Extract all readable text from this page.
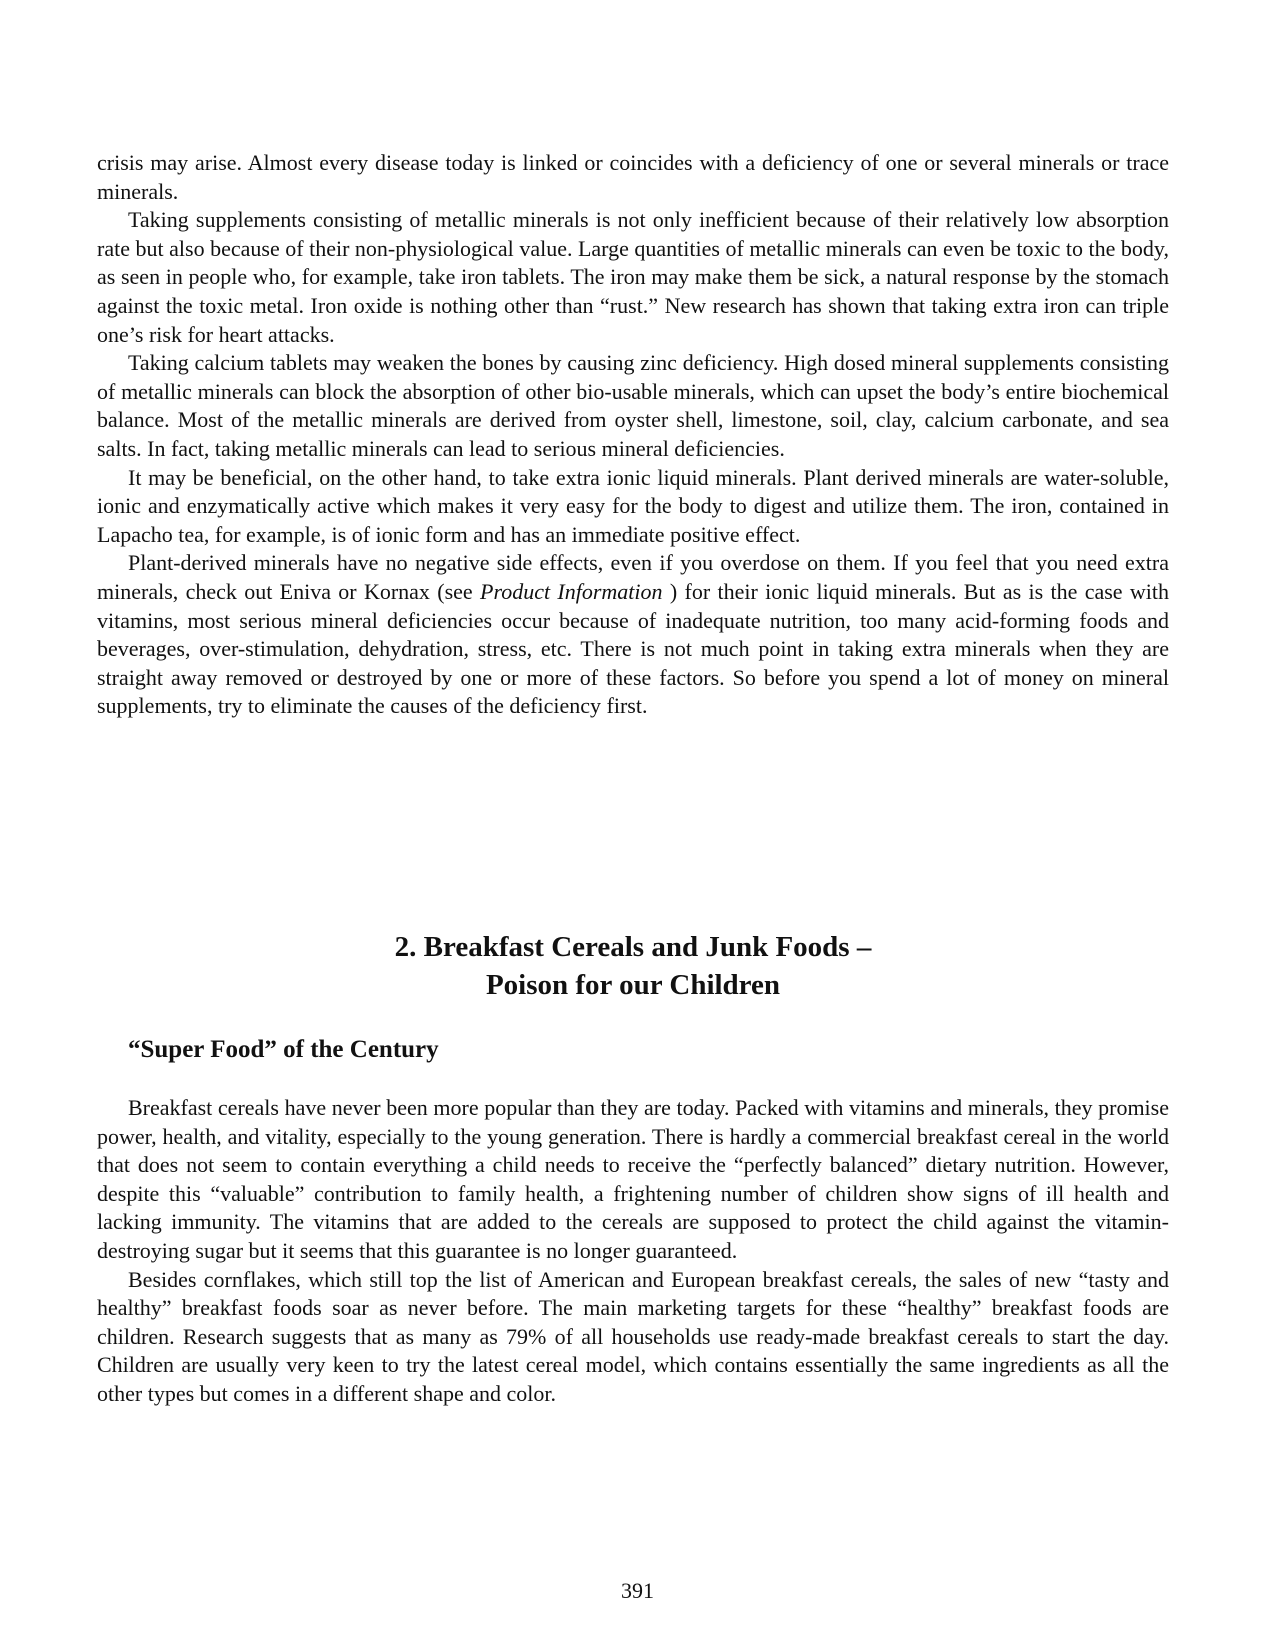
crisis may arise. Almost every disease today is linked or coincides with a deficiency of one or several minerals or trace minerals.

Taking supplements consisting of metallic minerals is not only inefficient because of their relatively low absorption rate but also because of their non-physiological value. Large quantities of metallic minerals can even be toxic to the body, as seen in people who, for example, take iron tablets. The iron may make them be sick, a natural response by the stomach against the toxic metal. Iron oxide is nothing other than “rust.” New research has shown that taking extra iron can triple one’s risk for heart attacks.

Taking calcium tablets may weaken the bones by causing zinc deficiency. High dosed mineral supplements consisting of metallic minerals can block the absorption of other bio-usable minerals, which can upset the body’s entire biochemical balance. Most of the metallic minerals are derived from oyster shell, limestone, soil, clay, calcium carbonate, and sea salts. In fact, taking metallic minerals can lead to serious mineral deficiencies.

It may be beneficial, on the other hand, to take extra ionic liquid minerals. Plant derived minerals are water-soluble, ionic and enzymatically active which makes it very easy for the body to digest and utilize them. The iron, contained in Lapacho tea, for example, is of ionic form and has an immediate positive effect.

Plant-derived minerals have no negative side effects, even if you overdose on them. If you feel that you need extra minerals, check out Eniva or Kornax (see Product Information ) for their ionic liquid minerals. But as is the case with vitamins, most serious mineral deficiencies occur because of inadequate nutrition, too many acid-forming foods and beverages, over-stimulation, dehydration, stress, etc. There is not much point in taking extra minerals when they are straight away removed or destroyed by one or more of these factors. So before you spend a lot of money on mineral supplements, try to eliminate the causes of the deficiency first.

2. Breakfast Cereals and Junk Foods –
Poison for our Children
“Super Food” of the Century

Breakfast cereals have never been more popular than they are today. Packed with vitamins and minerals, they promise power, health, and vitality, especially to the young generation. There is hardly a commercial breakfast cereal in the world that does not seem to contain everything a child needs to receive the “perfectly balanced” dietary nutrition. However, despite this “valuable” contribution to family health, a frightening number of children show signs of ill health and lacking immunity. The vitamins that are added to the cereals are supposed to protect the child against the vitamin-destroying sugar but it seems that this guarantee is no longer guaranteed.

Besides cornflakes, which still top the list of American and European breakfast cereals, the sales of new “tasty and healthy” breakfast foods soar as never before. The main marketing targets for these “healthy” breakfast foods are children. Research suggests that as many as 79% of all households use ready-made breakfast cereals to start the day. Children are usually very keen to try the latest cereal model, which contains essentially the same ingredients as all the other types but comes in a different shape and color.

391
